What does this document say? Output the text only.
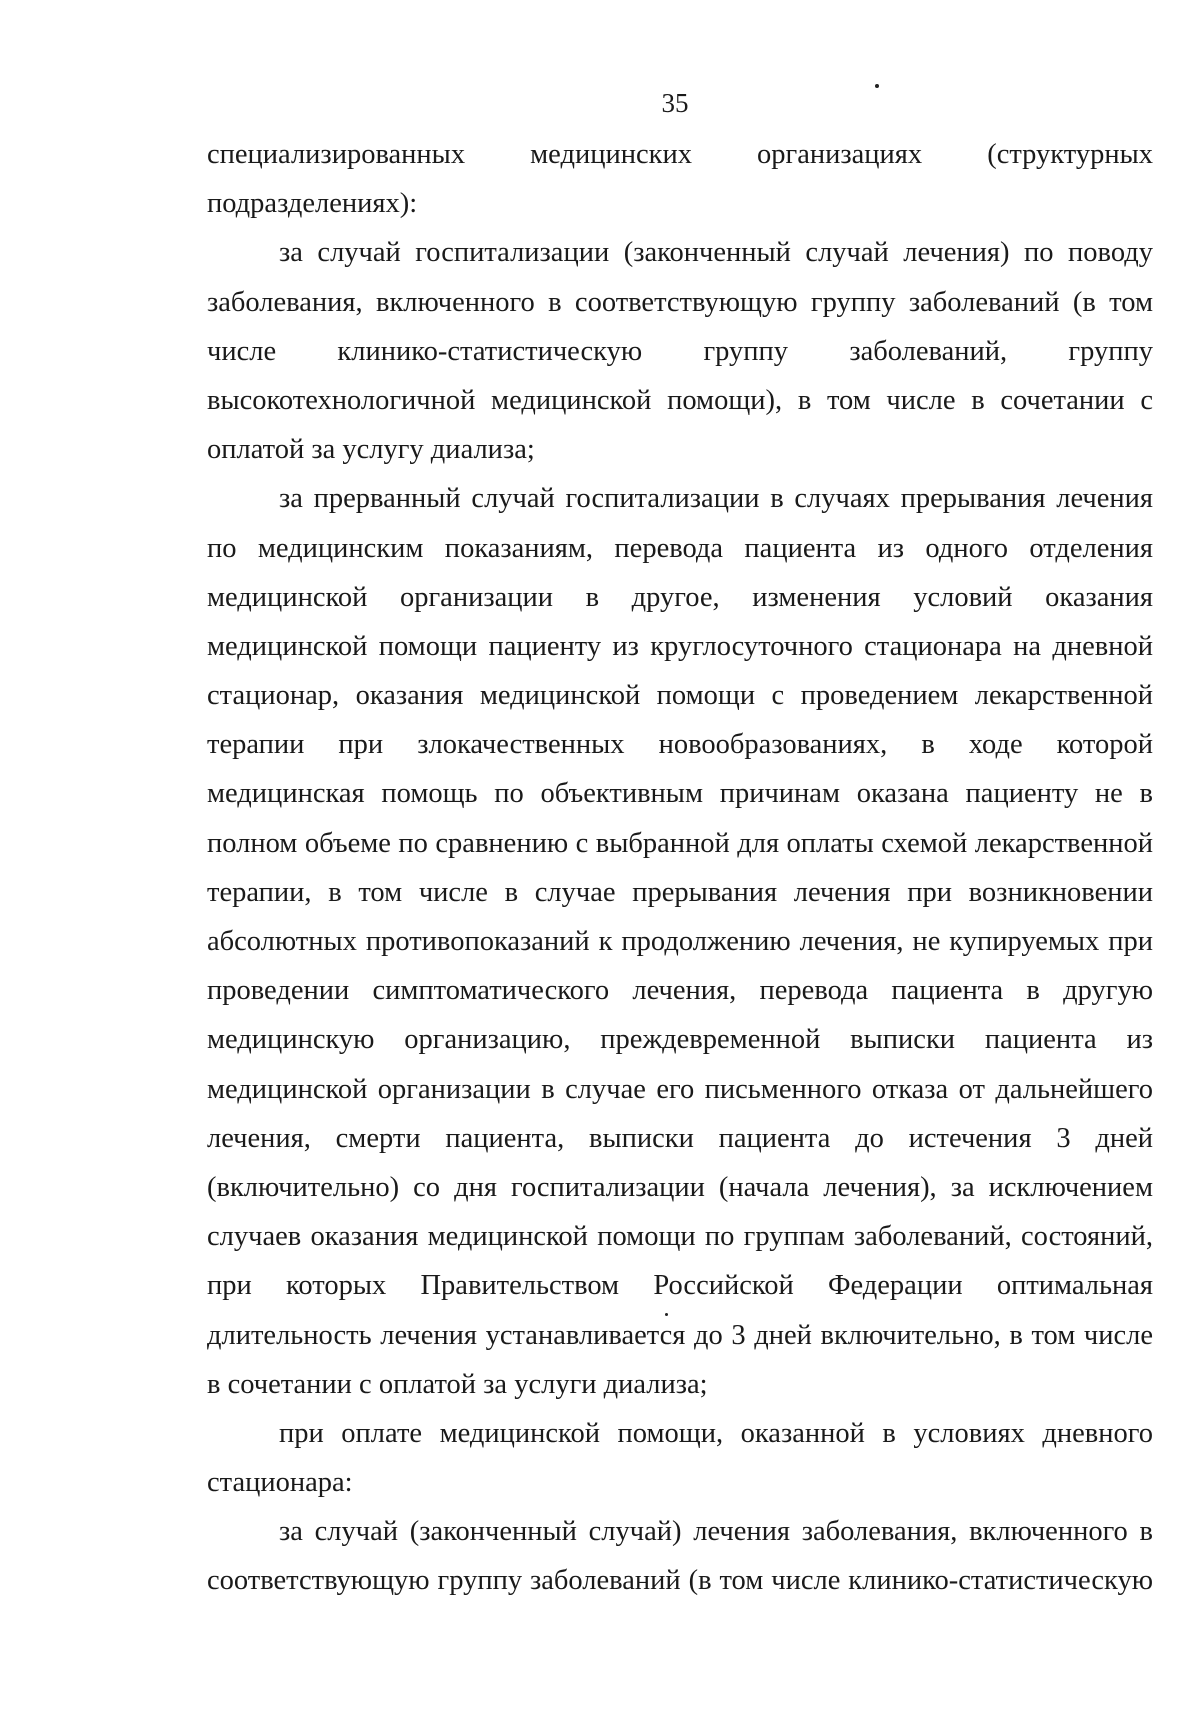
35
специализированных медицинских организациях (структурных
подразделениях):
за случай госпитализации (законченный случай лечения) по поводу
заболевания, включенного в соответствующую группу заболеваний (в том
числе клинико-статистическую группу заболеваний, группу
высокотехнологичной медицинской помощи), в том числе в сочетании с
оплатой за услугу диализа;
за прерванный случай госпитализации в случаях прерывания лечения
по медицинским показаниям, перевода пациента из одного отделения
медицинской организации в другое, изменения условий оказания
медицинской помощи пациенту из круглосуточного стационара на дневной
стационар, оказания медицинской помощи с проведением лекарственной
терапии при злокачественных новообразованиях, в ходе которой
медицинская помощь по объективным причинам оказана пациенту не в
полном объеме по сравнению с выбранной для оплаты схемой лекарственной
терапии, в том числе в случае прерывания лечения при возникновении
абсолютных противопоказаний к продолжению лечения, не купируемых при
проведении симптоматического лечения, перевода пациента в другую
медицинскую организацию, преждевременной выписки пациента из
медицинской организации в случае его письменного отказа от дальнейшего
лечения, смерти пациента, выписки пациента до истечения 3 дней
(включительно) со дня госпитализации (начала лечения), за исключением
случаев оказания медицинской помощи по группам заболеваний, состояний,
при которых Правительством Российской Федерации оптимальная
длительность лечения устанавливается до 3 дней включительно, в том числе
в сочетании с оплатой за услуги диализа;
при оплате медицинской помощи, оказанной в условиях дневного
стационара:
за случай (законченный случай) лечения заболевания, включенного в
соответствующую группу заболеваний (в том числе клинико-статистическую
